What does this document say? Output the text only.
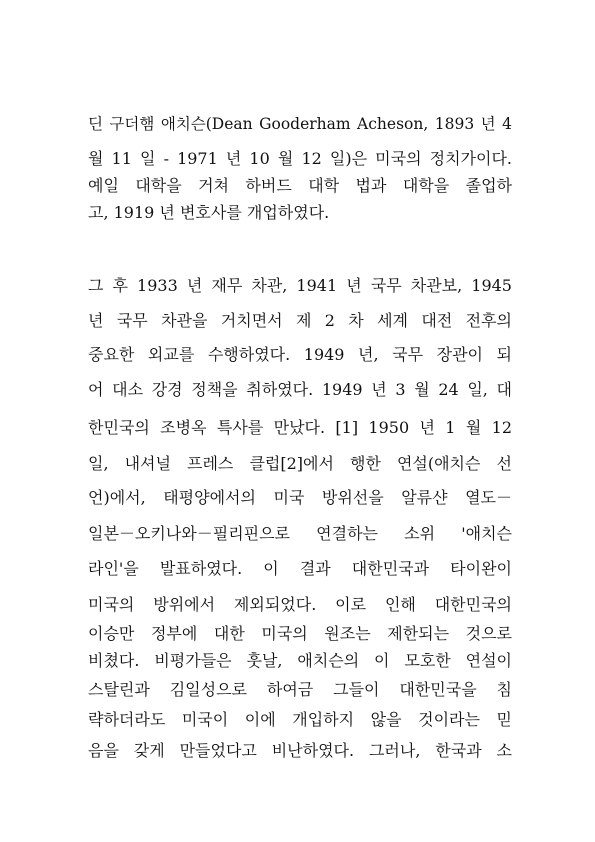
딘 구더햄 애치슨(Dean Gooderham Acheson, 1893 년 4
월 11 일 - 1971 년 10 월 12 일)은 미국의 정치가이다.
예일 대학을 거쳐 하버드 대학 법과 대학을 졸업하
고, 1919 년 변호사를 개업하였다.
그 후 1933 년 재무 차관, 1941 년 국무 차관보, 1945
년 국무 차관을 거치면서 제 2 차 세계 대전 전후의
중요한 외교를 수행하였다. 1949 년, 국무 장관이 되
어 대소 강경 정책을 취하였다. 1949 년 3 월 24 일, 대
한민국의 조병옥 특사를 만났다. [1] 1950 년 1 월 12
일, 내셔널 프레스 클럽[2]에서 행한 연설(애치슨 선
언)에서, 태평양에서의 미국 방위선을 알류샨 열도－
일본－오키나와－필리핀으로 연결하는 소위 '애치슨
라인'을 발표하였다. 이 결과 대한민국과 타이완이
미국의 방위에서 제외되었다. 이로 인해 대한민국의
이승만 정부에 대한 미국의 원조는 제한되는 것으로
비쳤다. 비평가들은 훗날, 애치슨의 이 모호한 연설이
스탈린과 김일성으로 하여금 그들이 대한민국을 침
략하더라도 미국이 이에 개입하지 않을 것이라는 믿
음을 갖게 만들었다고 비난하였다. 그러나, 한국과 소
